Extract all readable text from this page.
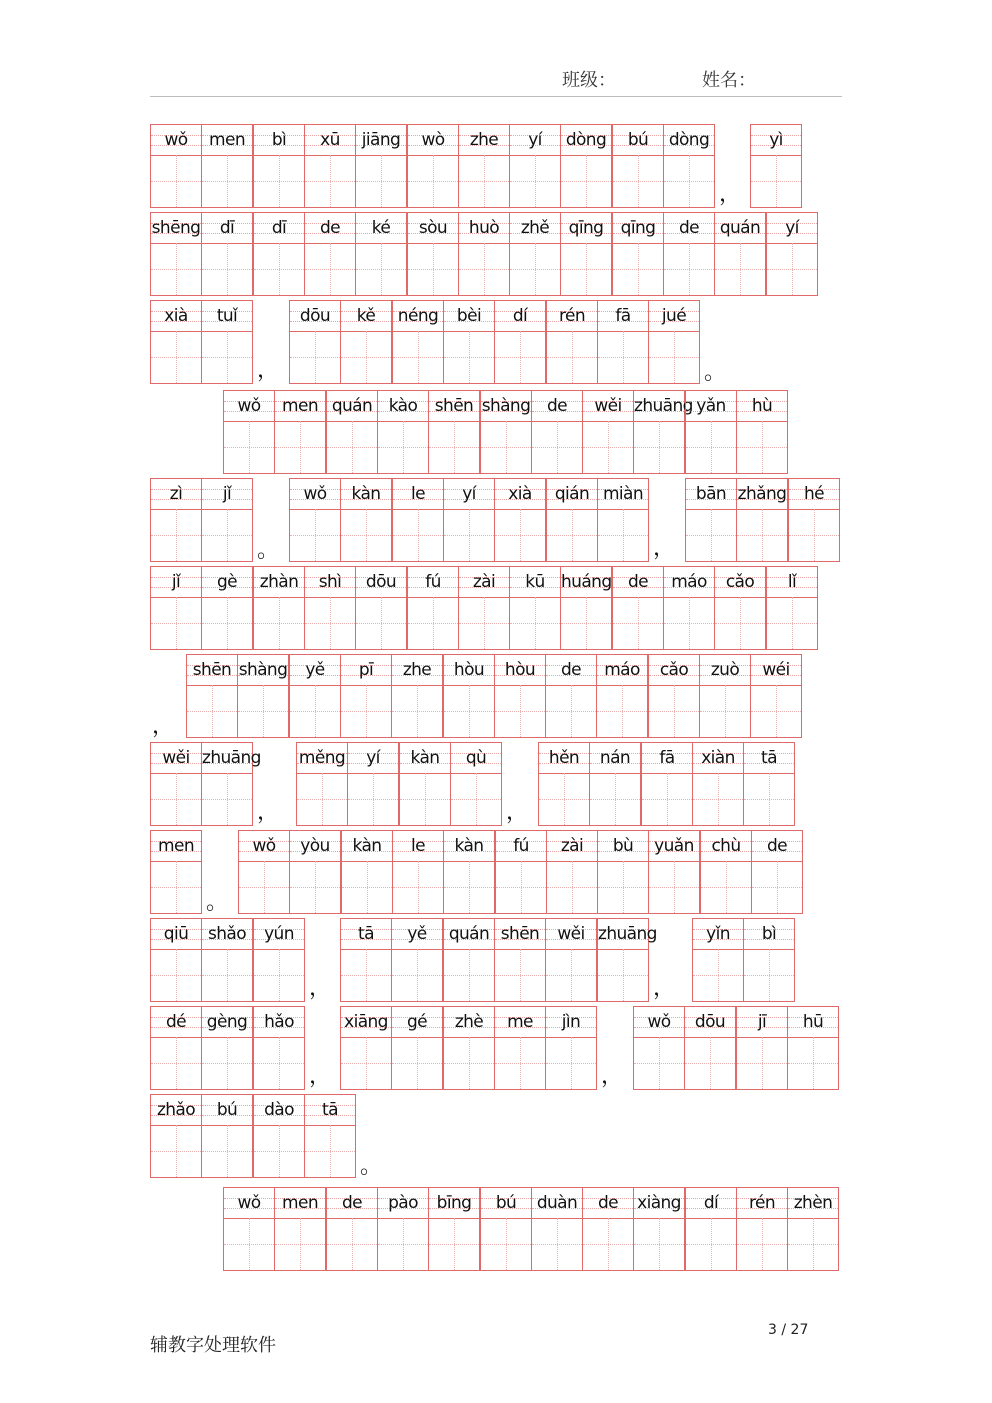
班级：	姓名：
wǒ	men	bì	xū	jiāng	wò	zhe	yí	dòng	bú	dòng
，
yì
shēng	dī	dī	de	ké	sòu	huò	zhě	qīng	qīng	de	quán	yí
xià	tuǐ
，
dōu	kě	néng	bèi	dí	rén	fā	jué
。
wǒ	men quán kào	shēn shàng de	wěi zhuāng yǎn	hù
zì	jǐ
。
wǒ	kàn	le	yí	xià	qián miàn
，
bān zhǎng	hé
jǐ	gè	zhàn	shì	dōu	fú	zài	kū huáng de	máo	cǎo	lǐ
，
shēn shàng	yě	pī	zhe	hòu	hòu	de	máo	cǎo	zuò	wéi
wěi zhuāng
，
měng	yí	kàn	qù
，
hěn	nán	fā	xiàn	tā
men
。
wǒ	yòu	kàn	le	kàn	fú	zài	bù	yuǎn	chù	de
qiū	shǎo	yún
，
tā	yě	quán shēn	wěi zhuāng
，
yǐn	bì
dé	gèng hǎo
，
xiāng	gé	zhè	me	jìn
，
wǒ	dōu	jī	hū
zhǎo	bú	dào	tā
。
wǒ	men	de	pào	bīng	bú	duàn	de	xiàng	dí	rén	zhèn
辅教字处理软件
3 / 27
